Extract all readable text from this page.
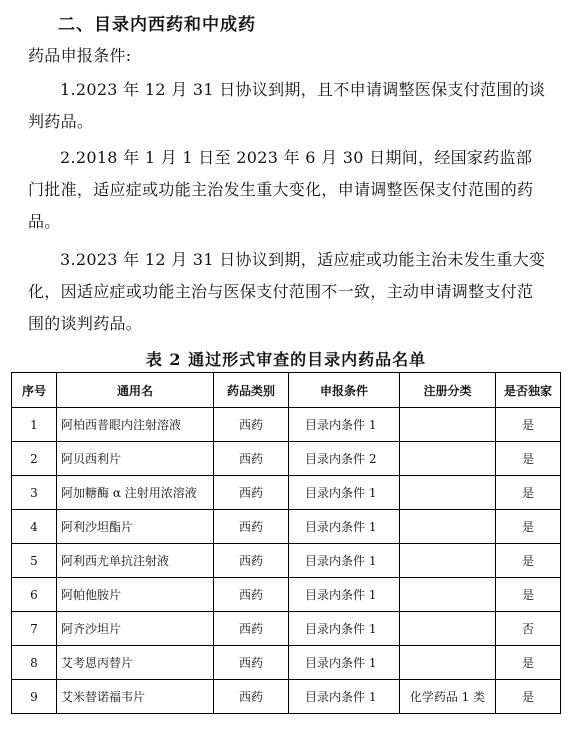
二、目录内西药和中成药

药品申报条件:

1.2023 年 12 月 31 日协议到期，且不申请调整医保支付范围的谈判药品。

2.2018 年 1 月 1 日至 2023 年 6 月 30 日期间，经国家药监部门批准，适应症或功能主治发生重大变化，申请调整医保支付范围的药品。

3.2023 年 12 月 31 日协议到期，适应症或功能主治未发生重大变化，因适应症或功能主治与医保支付范围不一致，主动申请调整支付范围的谈判药品。

表 2 通过形式审查的目录内药品名单
序号	通用名	药品类别	申报条件	注册分类	是否独家
1	阿柏西普眼内注射溶液	西药	目录内条件 1		是
2	阿贝西利片	西药	目录内条件 2		是
3	阿加糖酶 α 注射用浓溶液	西药	目录内条件 1		是
4	阿利沙坦酯片	西药	目录内条件 1		是
5	阿利西尤单抗注射液	西药	目录内条件 1		是
6	阿帕他胺片	西药	目录内条件 1		是
7	阿齐沙坦片	西药	目录内条件 1		否
8	艾考恩丙替片	西药	目录内条件 1		是
9	艾米替诺福韦片	西药	目录内条件 1	化学药品 1 类	是
